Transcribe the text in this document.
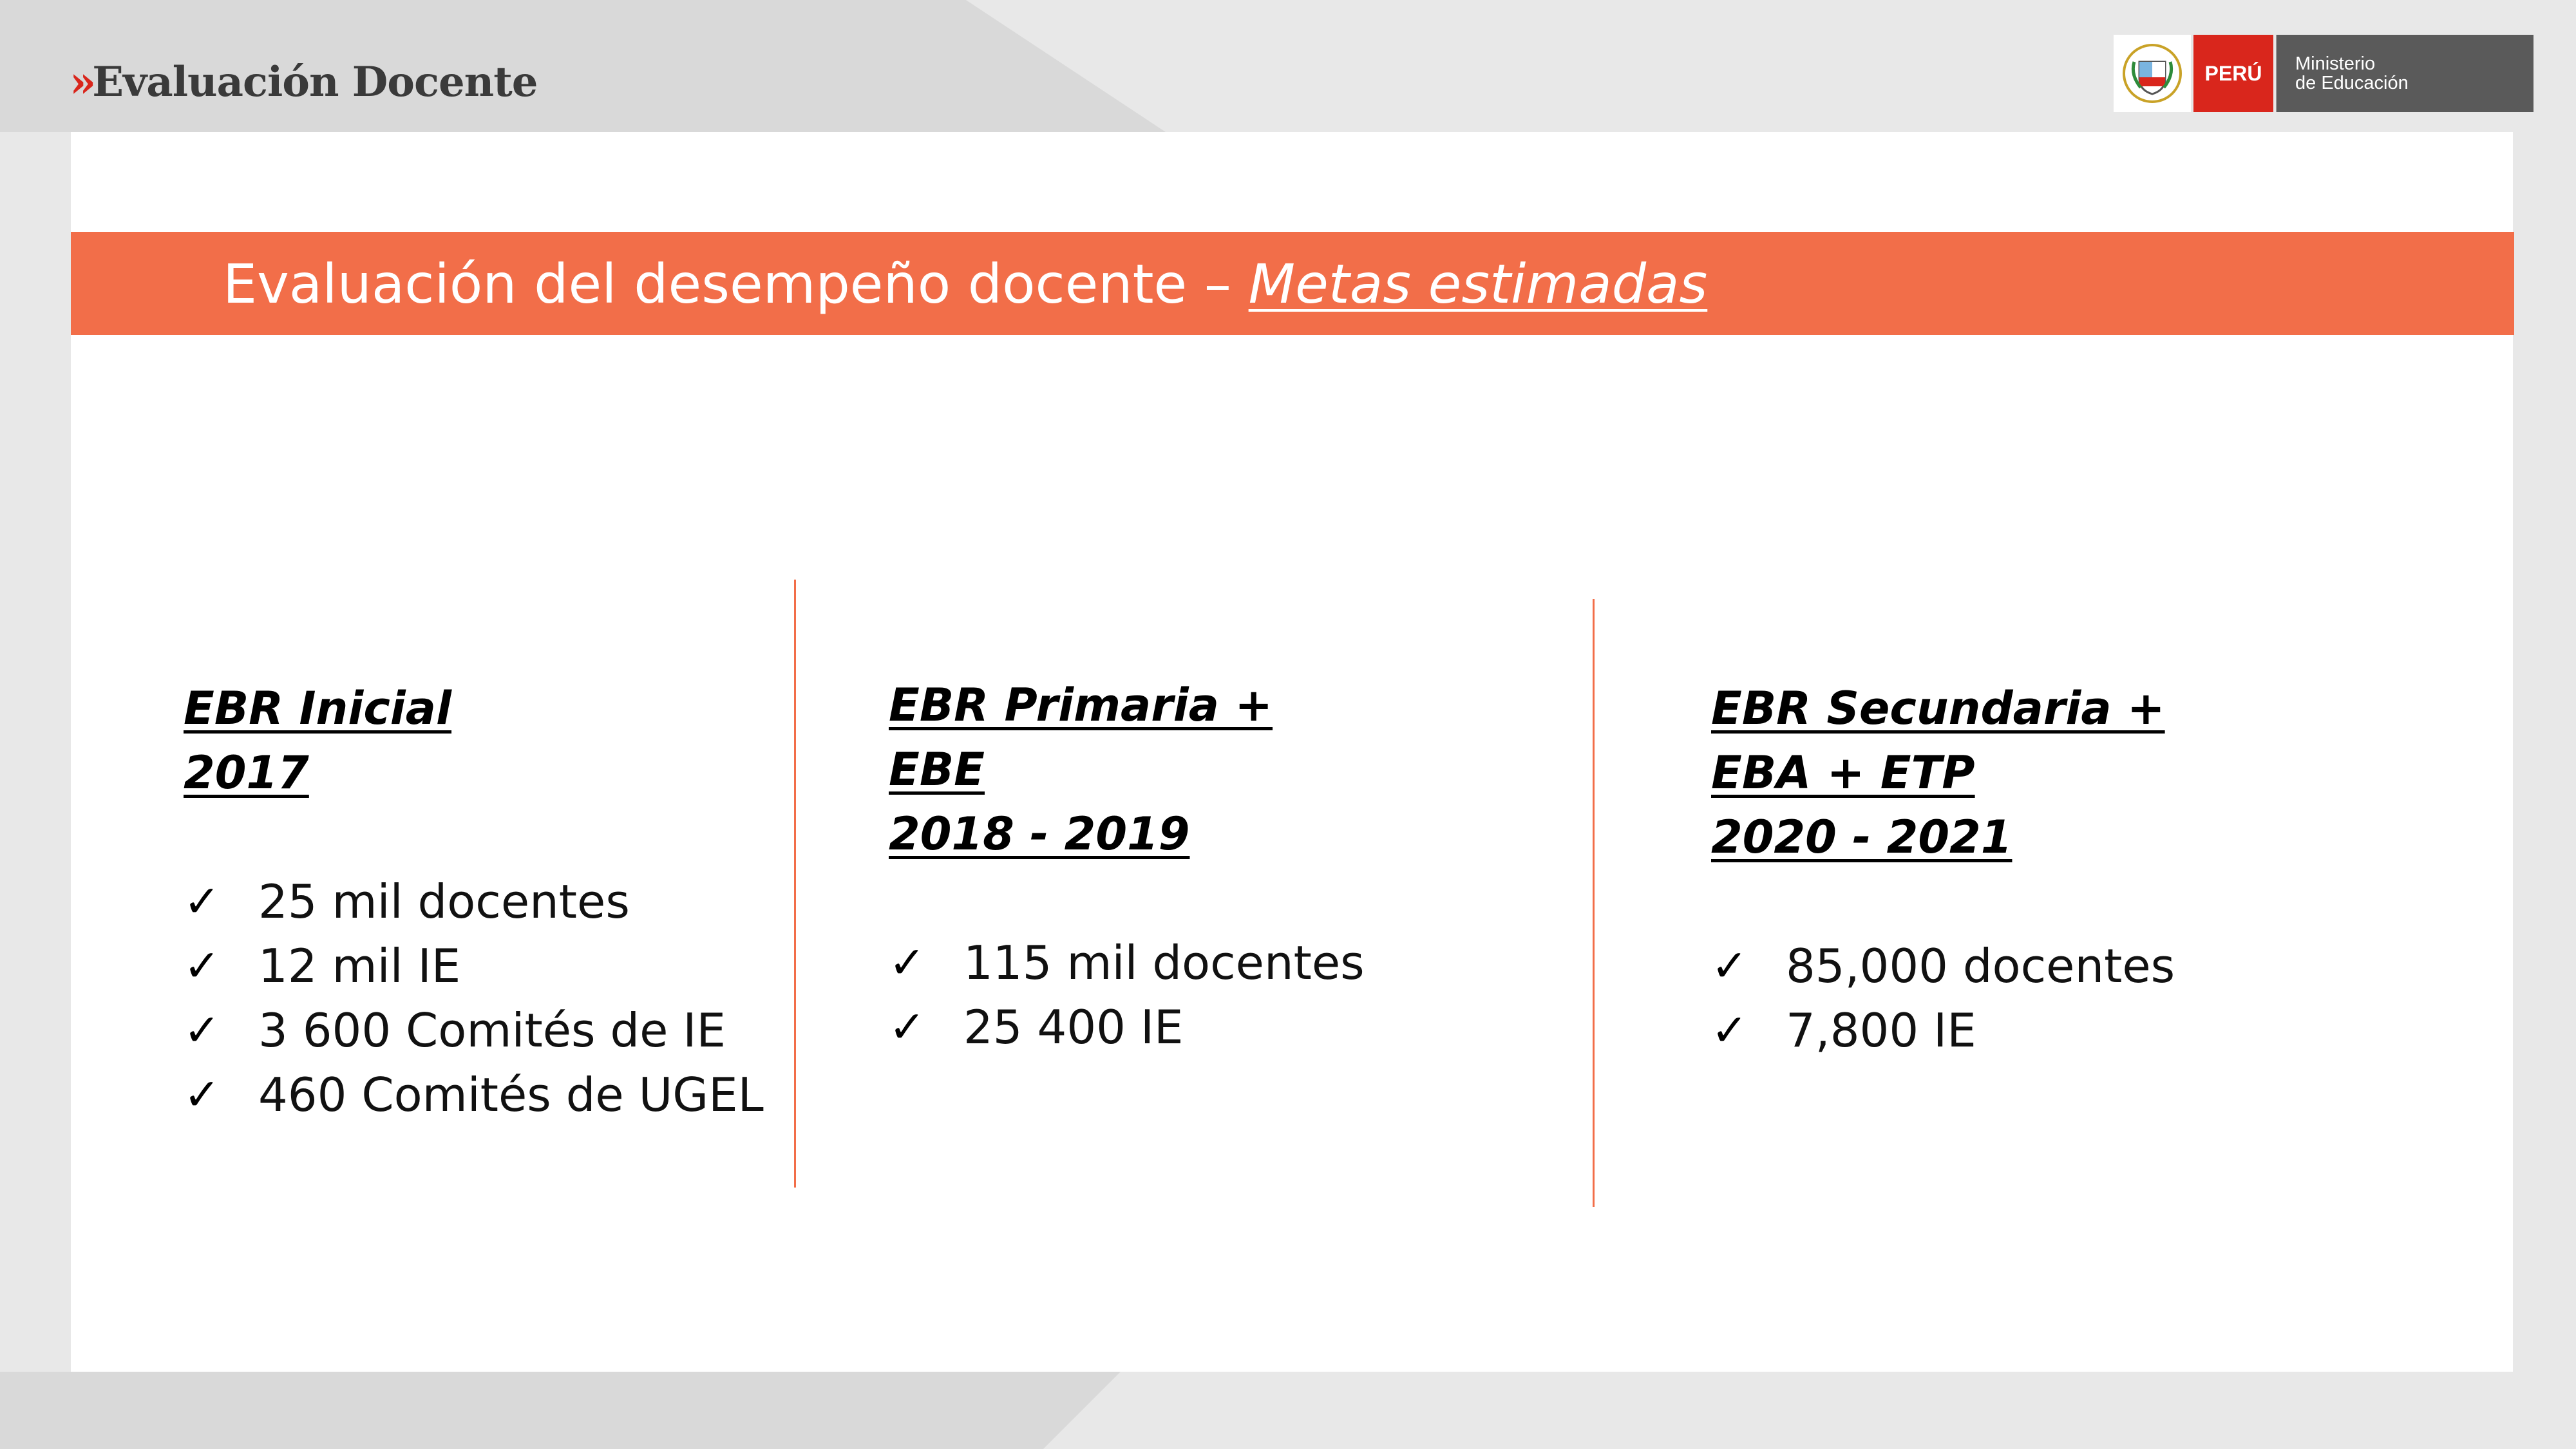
» Evaluación Docente	PERÚ	Ministerio
de Educación
Evaluación del desempeño docente – Metas estimadas
EBR Inicial
2017
✓ 25 mil docentes
✓ 12 mil IE
✓ 3 600 Comités de IE
✓ 460 Comités de UGEL
EBR Primaria +
EBE
2018 - 2019
✓ 115 mil docentes
✓ 25 400 IE
EBR Secundaria +
EBA + ETP
2020 - 2021
✓ 85,000 docentes
✓ 7,800 IE
